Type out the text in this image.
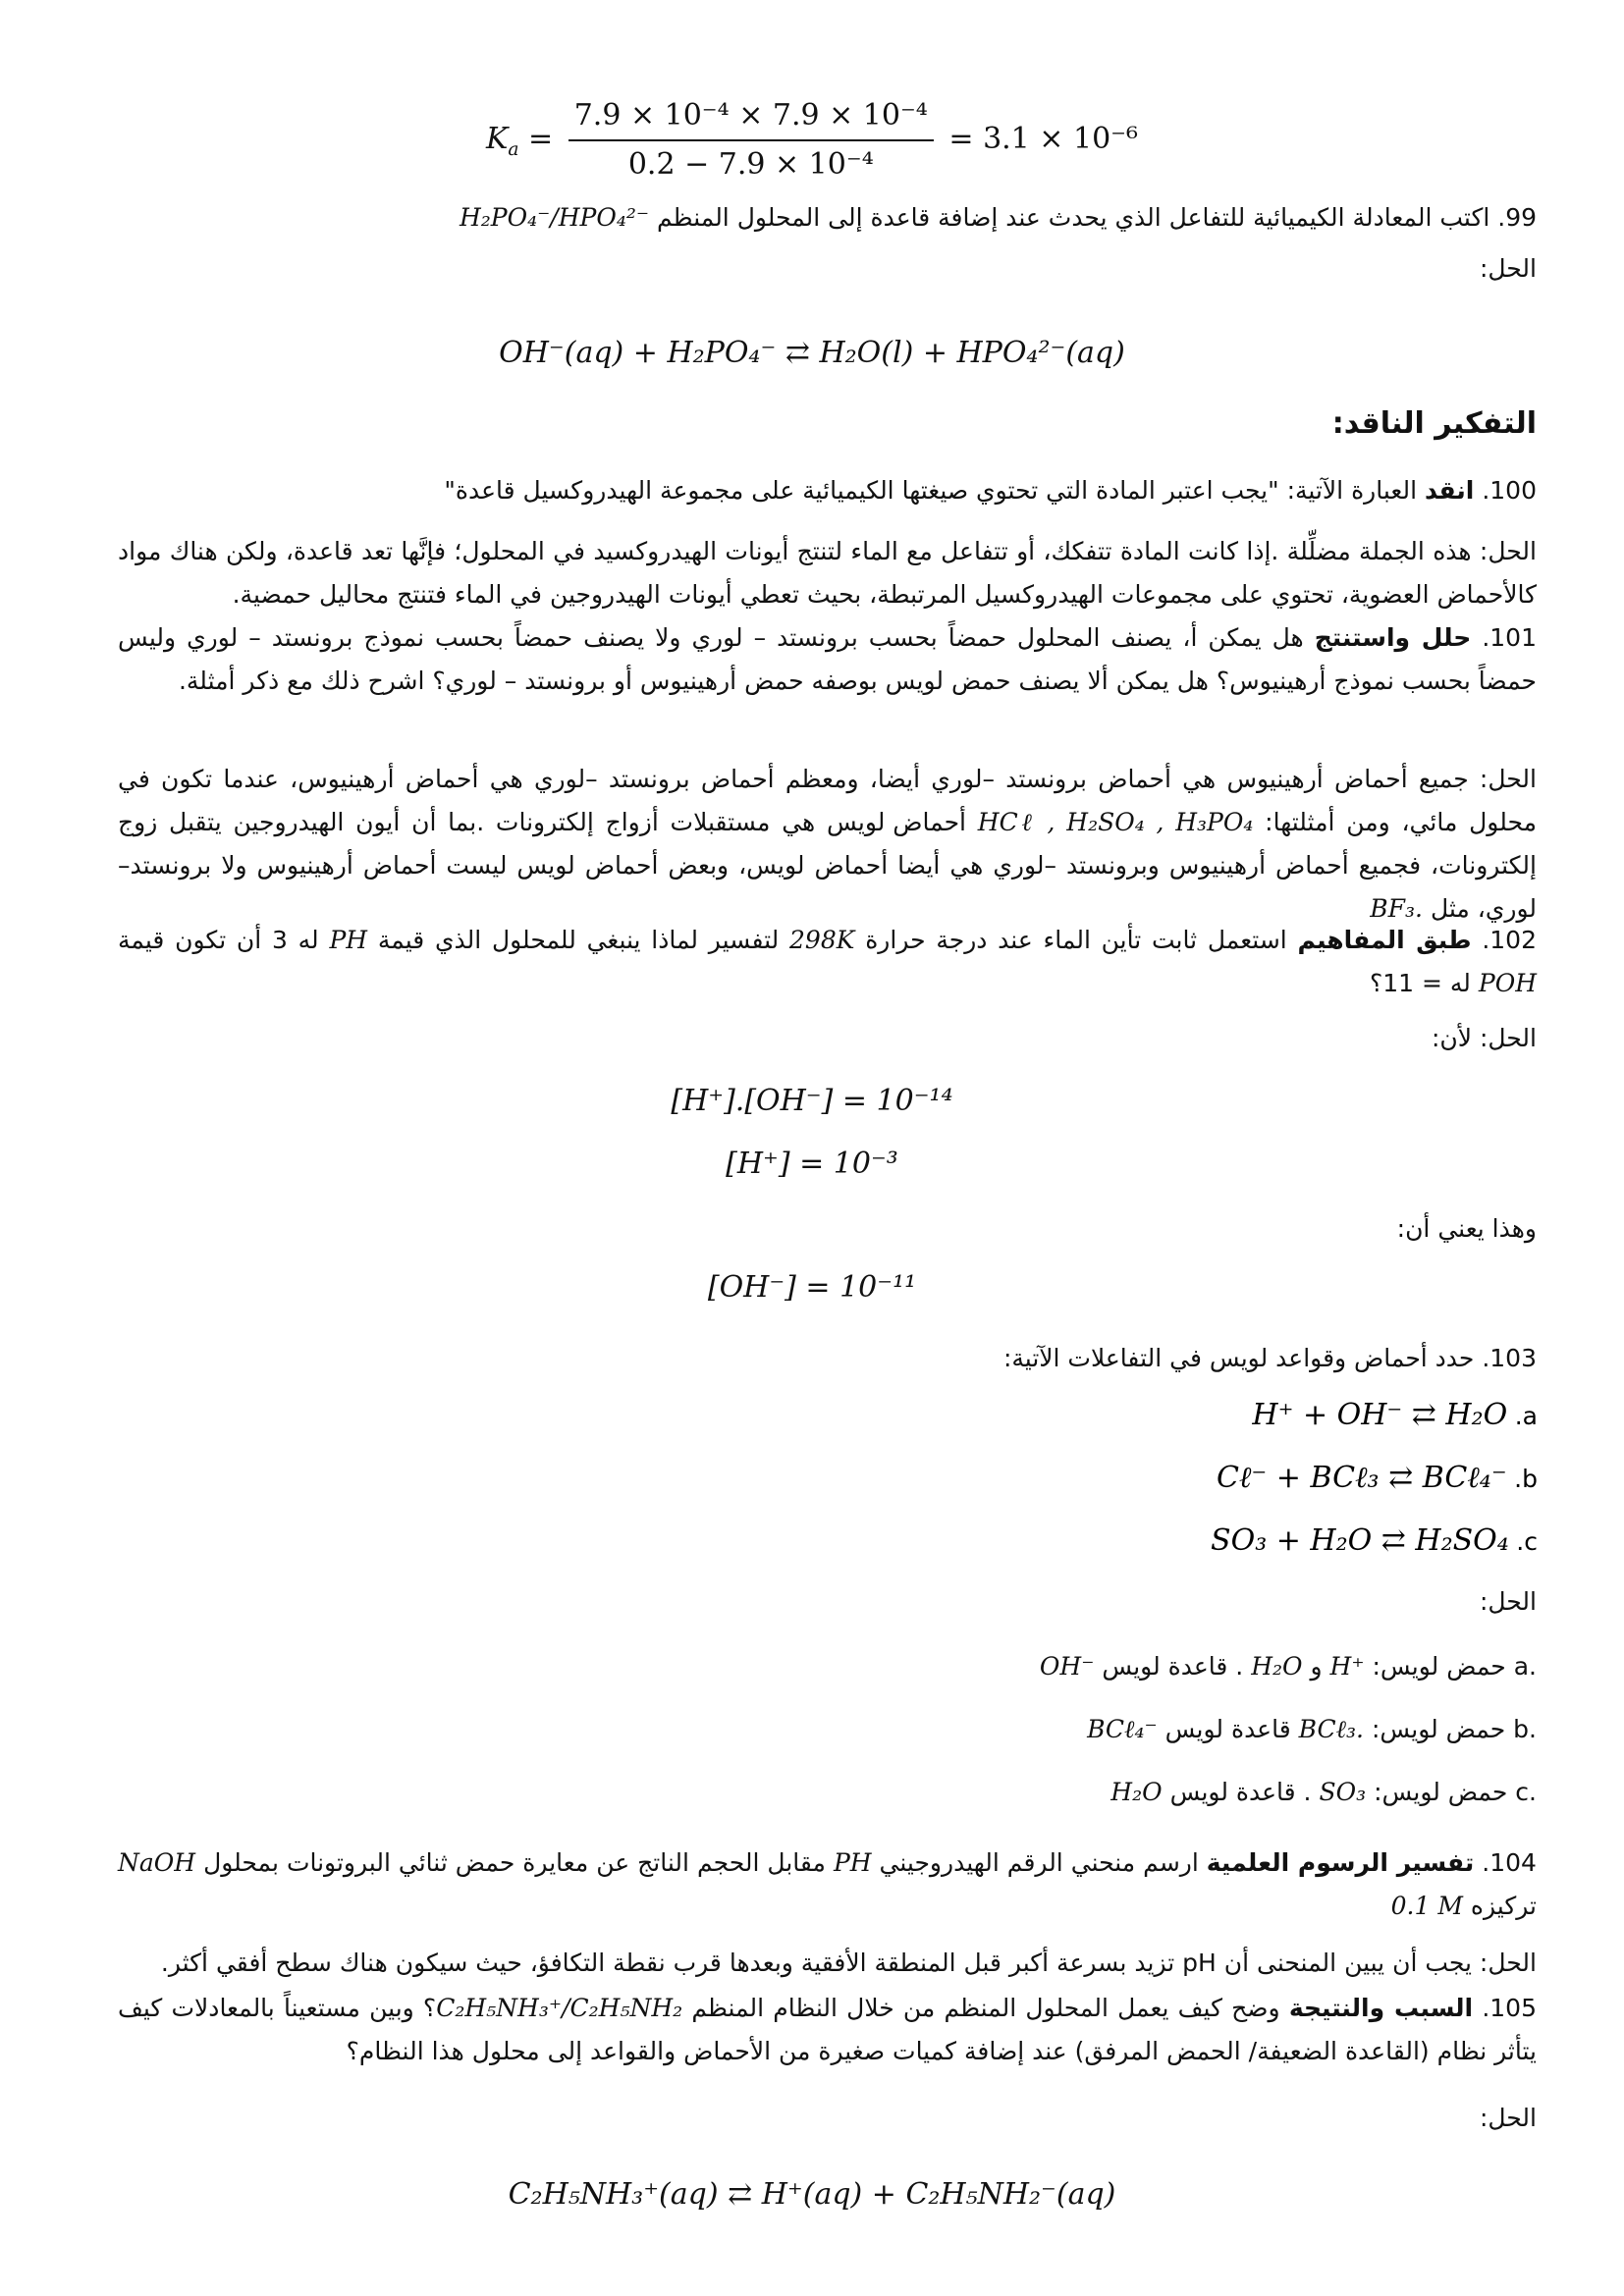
$K_a = \frac{\text{7.9 × 10⁻⁴ × 7.9 × 10⁻⁴}}{\text{0.2 − 7.9 × 10⁻⁴}} = 3.1 \times 10^{-6}$
99. اكتب المعادلة الكيميائية للتفاعل الذي يحدث عند إضافة قاعدة إلى المحلول المنظم H₂PO₄⁻/HPO₄²⁻
الحل:
OH⁻(aq) + H₂PO₄⁻ ⇄ H₂O(l) + HPO₄²⁻(aq)
التفكير الناقد:
100. انقد العبارة الآتية: "يجب اعتبر المادة التي تحتوي صيغتها الكيميائية على مجموعة الهيدروكسيل قاعدة"
الحل: هذه الجملة مضلِّلة .إذا كانت المادة تتفكك، أو تتفاعل مع الماء لتنتج أيونات الهيدروكسيد في المحلول؛ فإنَّها تعد قاعدة، ولكن هناك مواد كالأحماض العضوية، تحتوي على مجموعات الهيدروكسيل المرتبطة، بحيث تعطي أيونات الهيدروجين في الماء فتنتج محاليل حمضية.
101. حلل واستنتج هل يمكن أ، يصنف المحلول حمضاً بحسب برونستد – لوري ولا يصنف حمضاً بحسب نموذج برونستد – لوري وليس حمضاً بحسب نموذج أرهينيوس؟ هل يمكن ألا يصنف حمض لويس بوصفه حمض أرهينيوس أو برونستد – لوري؟ اشرح ذلك مع ذكر أمثلة.
الحل: جميع أحماض أرهينيوس هي أحماض برونستد –لوري أيضا، ومعظم أحماض برونستد –لوري هي أحماض أرهينيوس، عندما تكون في محلول مائي، ومن أمثلتها: HCℓ , H₂SO₄ , H₃PO₄ أحماض لويس هي مستقبلات أزواج إلكترونات .بما أن أيون الهيدروجين يتقبل زوج إلكترونات، فجميع أحماض أرهينيوس وبرونستد –لوري هي أيضا أحماض لويس، وبعض أحماض لويس ليست أحماض أرهينيوس ولا برونستد–لوري، مثل BF₃.
102. طبق المفاهيم استعمل ثابت تأين الماء عند درجة حرارة 298K لتفسير لماذا ينبغي للمحلول الذي قيمة PH له 3 أن تكون قيمة POH له = 11؟
الحل: لأن:
[H⁺].[OH⁻] = 10⁻¹⁴
[H⁺] = 10⁻³
وهذا يعني أن:
[OH⁻] = 10⁻¹¹
103. حدد أحماض وقواعد لويس في التفاعلات الآتية:
H⁺ + OH⁻ ⇄ H₂O .a
Cℓ⁻ + BCℓ₃ ⇄ BCℓ₄⁻ .b
SO₃ + H₂O ⇄ H₂SO₄ .c
الحل:
.a حمض لويس: H⁺ و H₂O . قاعدة لويس OH⁻
.b حمض لويس: BCℓ₃. قاعدة لويس BCℓ₄⁻
.c حمض لويس: SO₃ . قاعدة لويس H₂O
104. تفسير الرسوم العلمية ارسم منحني الرقم الهيدروجيني PH مقابل الحجم الناتج عن معايرة حمض ثنائي البروتونات بمحلول NaOH تركيزه 0.1 M
الحل: يجب أن يبين المنحنى أن pH تزيد بسرعة أكبر قبل المنطقة الأفقية وبعدها قرب نقطة التكافؤ، حيث سيكون هناك سطح أفقي أكثر.
105. السبب والنتيجة وضح كيف يعمل المحلول المنظم من خلال النظام المنظم C₂H₅NH₃⁺/C₂H₅NH₂؟ وبين مستعيناً بالمعادلات كيف يتأثر نظام (القاعدة الضعيفة/ الحمض المرفق) عند إضافة كميات صغيرة من الأحماض والقواعد إلى محلول هذا النظام؟
الحل:
C₂H₅NH₃⁺(aq) ⇄ H⁺(aq) + C₂H₅NH₂⁻(aq)
